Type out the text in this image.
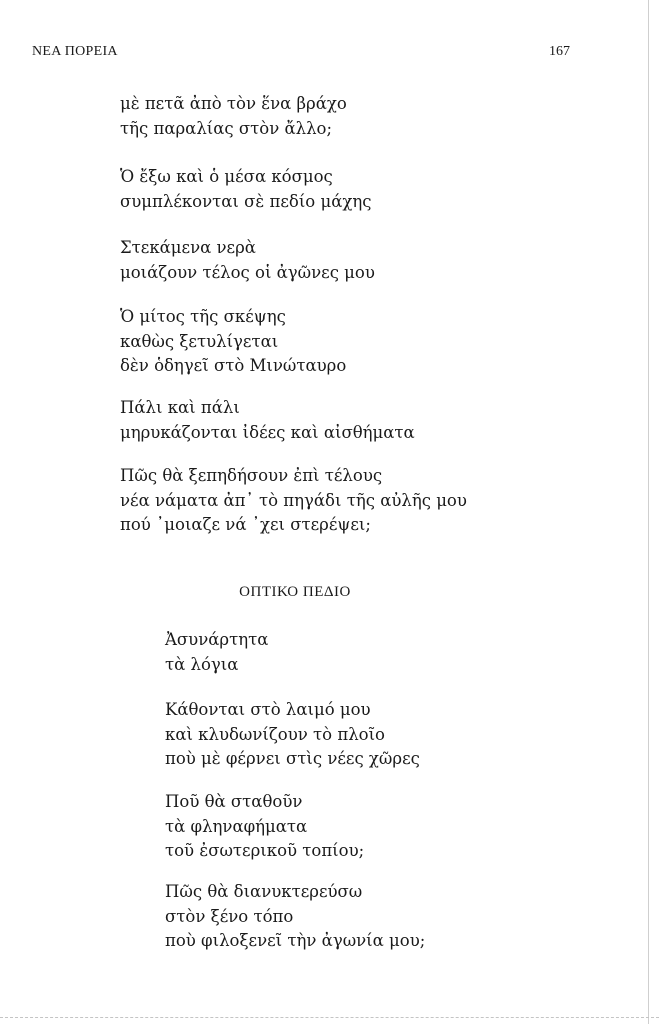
ΝΕΑ ΠΟΡΕΙΑ	167
μὲ πετᾶ ἀπὸ τὸν ἕνα βράχο
τῆς παραλίας στὸν ἄλλο;
Ὁ ἔξω καὶ ὁ μέσα κόσμος
συμπλέκονται σὲ πεδίο μάχης
Στεκάμενα νερὰ
μοιάζουν τέλος οἱ ἀγῶνες μου
Ὁ μίτος τῆς σκέψης
καθὼς ξετυλίγεται
δὲν ὁδηγεῖ στὸ Μινώταυρο
Πάλι καὶ πάλι
μηρυκάζονται ἰδέες καὶ αἰσθήματα
Πῶς θὰ ξεπηδήσουν ἐπὶ τέλους
νέα νάματα ἀπ᾽ τὸ πηγάδι τῆς αὐλῆς μου
πού ᾽μοιαζε νά ᾽χει στερέψει;
ΟΠΤΙΚΟ ΠΕΔΙΟ
Ἀσυνάρτητα
τὰ λόγια
Κάθονται στὸ λαιμό μου
καὶ κλυδωνίζουν τὸ πλοῖο
ποὺ μὲ φέρνει στὶς νέες χῶρες
Ποῦ θὰ σταθοῦν
τὰ φληναφήματα
τοῦ ἐσωτερικοῦ τοπίου;
Πῶς θὰ διανυκτερεύσω
στὸν ξένο τόπο
ποὺ φιλοξενεῖ τὴν ἀγωνία μου;
